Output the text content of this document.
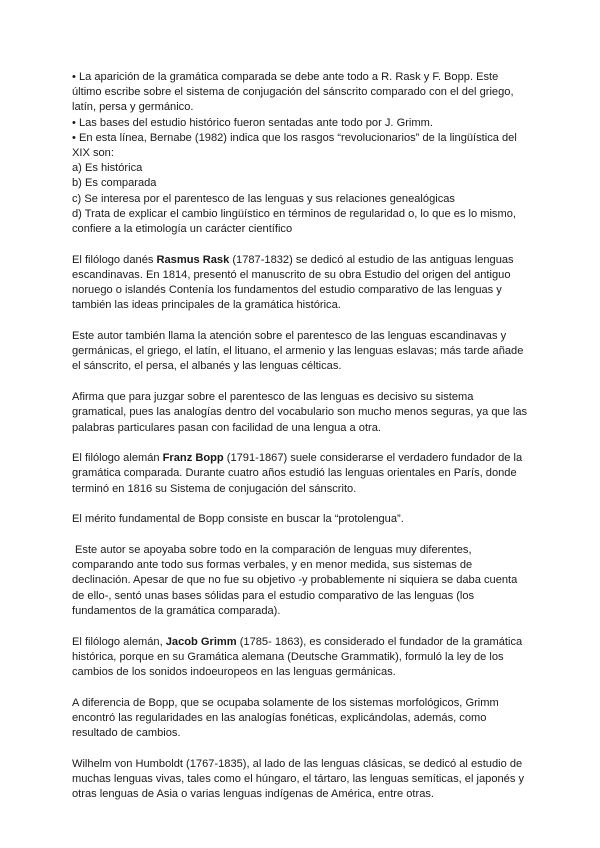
• La aparición de la gramática comparada se debe ante todo a R. Rask y F. Bopp. Este
último escribe sobre el sistema de conjugación del sánscrito comparado con el del griego,
latín, persa y germánico.
• Las bases del estudio histórico fueron sentadas ante todo por J. Grimm.
• En esta línea, Bernabe (1982) indica que los rasgos “revolucionarios” de la lingüística del
XIX son:
a) Es histórica
b) Es comparada
c) Se interesa por el parentesco de las lenguas y sus relaciones genealógicas
d) Trata de explicar el cambio lingüístico en términos de regularidad o, lo que es lo mismo,
confiere a la etimología un carácter científico
El filólogo danés Rasmus Rask (1787-1832) se dedicó al estudio de las antiguas lenguas
escandinavas. En 1814, presentó el manuscrito de su obra Estudio del origen del antiguo
noruego o islandés Contenía los fundamentos del estudio comparativo de las lenguas y
también las ideas principales de la gramática histórica.
Este autor también llama la atención sobre el parentesco de las lenguas escandinavas y
germánicas, el griego, el latín, el lituano, el armenio y las lenguas eslavas; más tarde añade
el sánscrito, el persa, el albanés y las lenguas célticas.
Afirma que para juzgar sobre el parentesco de las lenguas es decisivo su sistema
gramatical, pues las analogías dentro del vocabulario son mucho menos seguras, ya que las
palabras particulares pasan con facilidad de una lengua a otra.
El filólogo alemán Franz Bopp (1791-1867) suele considerarse el verdadero fundador de la
gramática comparada. Durante cuatro años estudió las lenguas orientales en París, donde
terminó en 1816 su Sistema de conjugación del sánscrito.
El mérito fundamental de Bopp consiste en buscar la “protolengua”.
Este autor se apoyaba sobre todo en la comparación de lenguas muy diferentes,
comparando ante todo sus formas verbales, y en menor medida, sus sistemas de
declinación. Apesar de que no fue su objetivo -y probablemente ni siquiera se daba cuenta
de ello-, sentó unas bases sólidas para el estudio comparativo de las lenguas (los
fundamentos de la gramática comparada).
El filólogo alemán, Jacob Grimm (1785- 1863), es considerado el fundador de la gramática
histórica, porque en su Gramática alemana (Deutsche Grammatik), formuló la ley de los
cambios de los sonidos indoeuropeos en las lenguas germánicas.
A diferencia de Bopp, que se ocupaba solamente de los sistemas morfológicos, Grimm
encontró las regularidades en las analogías fonéticas, explicándolas, además, como
resultado de cambios.
Wilhelm von Humboldt (1767-1835), al lado de las lenguas clásicas, se dedicó al estudio de
muchas lenguas vivas, tales como el húngaro, el tártaro, las lenguas semíticas, el japonés y
otras lenguas de Asia o varias lenguas indígenas de América, entre otras.
